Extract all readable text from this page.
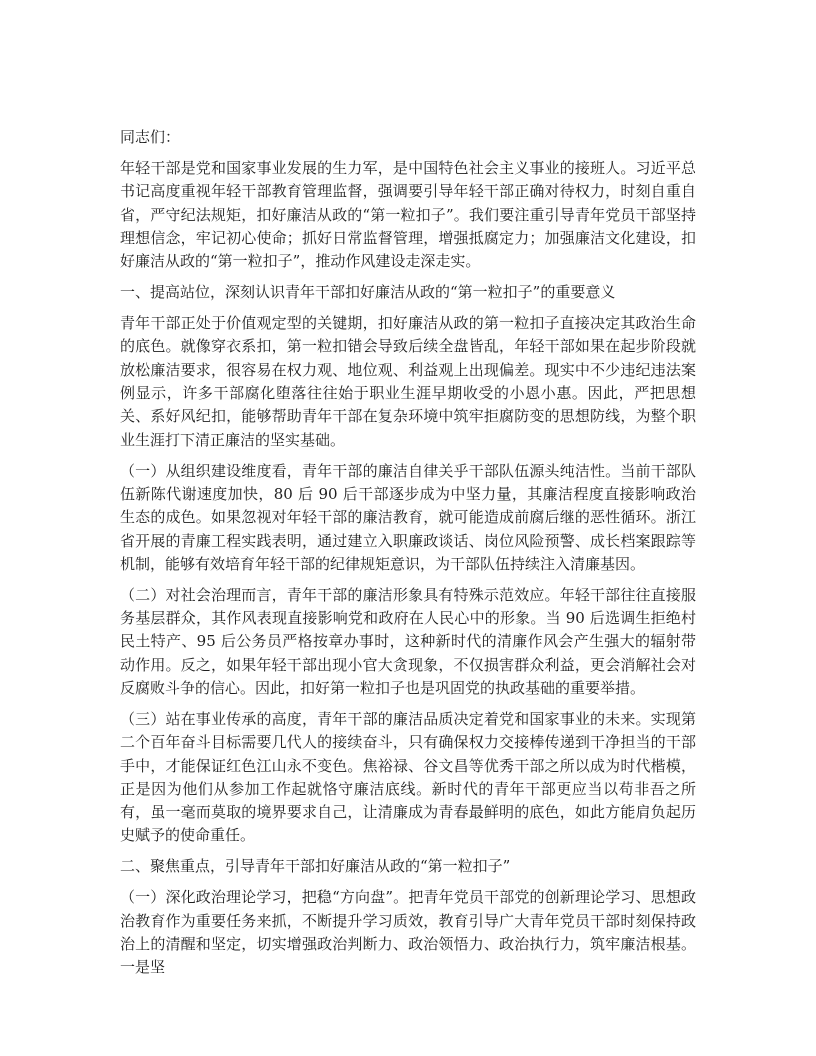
同志们：

年轻干部是党和国家事业发展的生力军，是中国特色社会主义事业的接班人。习近平总书记高度重视年轻干部教育管理监督，强调要引导年轻干部正确对待权力，时刻自重自省，严守纪法规矩，扣好廉洁从政的“第一粒扣子”。我们要注重引导青年党员干部坚持理想信念，牢记初心使命；抓好日常监督管理，增强抵腐定力；加强廉洁文化建设，扣好廉洁从政的“第一粒扣子”，推动作风建设走深走实。

一、提高站位，深刻认识青年干部扣好廉洁从政的“第一粒扣子”的重要意义

青年干部正处于价值观定型的关键期，扣好廉洁从政的第一粒扣子直接决定其政治生命的底色。就像穿衣系扣，第一粒扣错会导致后续全盘皆乱，年轻干部如果在起步阶段就放松廉洁要求，很容易在权力观、地位观、利益观上出现偏差。现实中不少违纪违法案例显示，许多干部腐化堕落往往始于职业生涯早期收受的小恩小惠。因此，严把思想关、系好风纪扣，能够帮助青年干部在复杂环境中筑牢拒腐防变的思想防线，为整个职业生涯打下清正廉洁的坚实基础。

（一）从组织建设维度看，青年干部的廉洁自律关乎干部队伍源头纯洁性。当前干部队伍新陈代谢速度加快，80 后 90 后干部逐步成为中坚力量，其廉洁程度直接影响政治生态的成色。如果忽视对年轻干部的廉洁教育，就可能造成前腐后继的恶性循环。浙江省开展的青廉工程实践表明，通过建立入职廉政谈话、岗位风险预警、成长档案跟踪等机制，能够有效培育年轻干部的纪律规矩意识，为干部队伍持续注入清廉基因。

（二）对社会治理而言，青年干部的廉洁形象具有特殊示范效应。年轻干部往往直接服务基层群众，其作风表现直接影响党和政府在人民心中的形象。当 90 后选调生拒绝村民土特产、95 后公务员严格按章办事时，这种新时代的清廉作风会产生强大的辐射带动作用。反之，如果年轻干部出现小官大贪现象，不仅损害群众利益，更会消解社会对反腐败斗争的信心。因此，扣好第一粒扣子也是巩固党的执政基础的重要举措。

（三）站在事业传承的高度，青年干部的廉洁品质决定着党和国家事业的未来。实现第二个百年奋斗目标需要几代人的接续奋斗，只有确保权力交接棒传递到干净担当的干部手中，才能保证红色江山永不变色。焦裕禄、谷文昌等优秀干部之所以成为时代楷模，正是因为他们从参加工作起就恪守廉洁底线。新时代的青年干部更应当以苟非吾之所有，虽一毫而莫取的境界要求自己，让清廉成为青春最鲜明的底色，如此方能肩负起历史赋予的使命重任。

二、聚焦重点，引导青年干部扣好廉洁从政的“第一粒扣子”

（一）深化政治理论学习，把稳“方向盘”。把青年党员干部党的创新理论学习、思想政治教育作为重要任务来抓，不断提升学习质效，教育引导广大青年党员干部时刻保持政治上的清醒和坚定，切实增强政治判断力、政治领悟力、政治执行力，筑牢廉洁根基。一是坚
